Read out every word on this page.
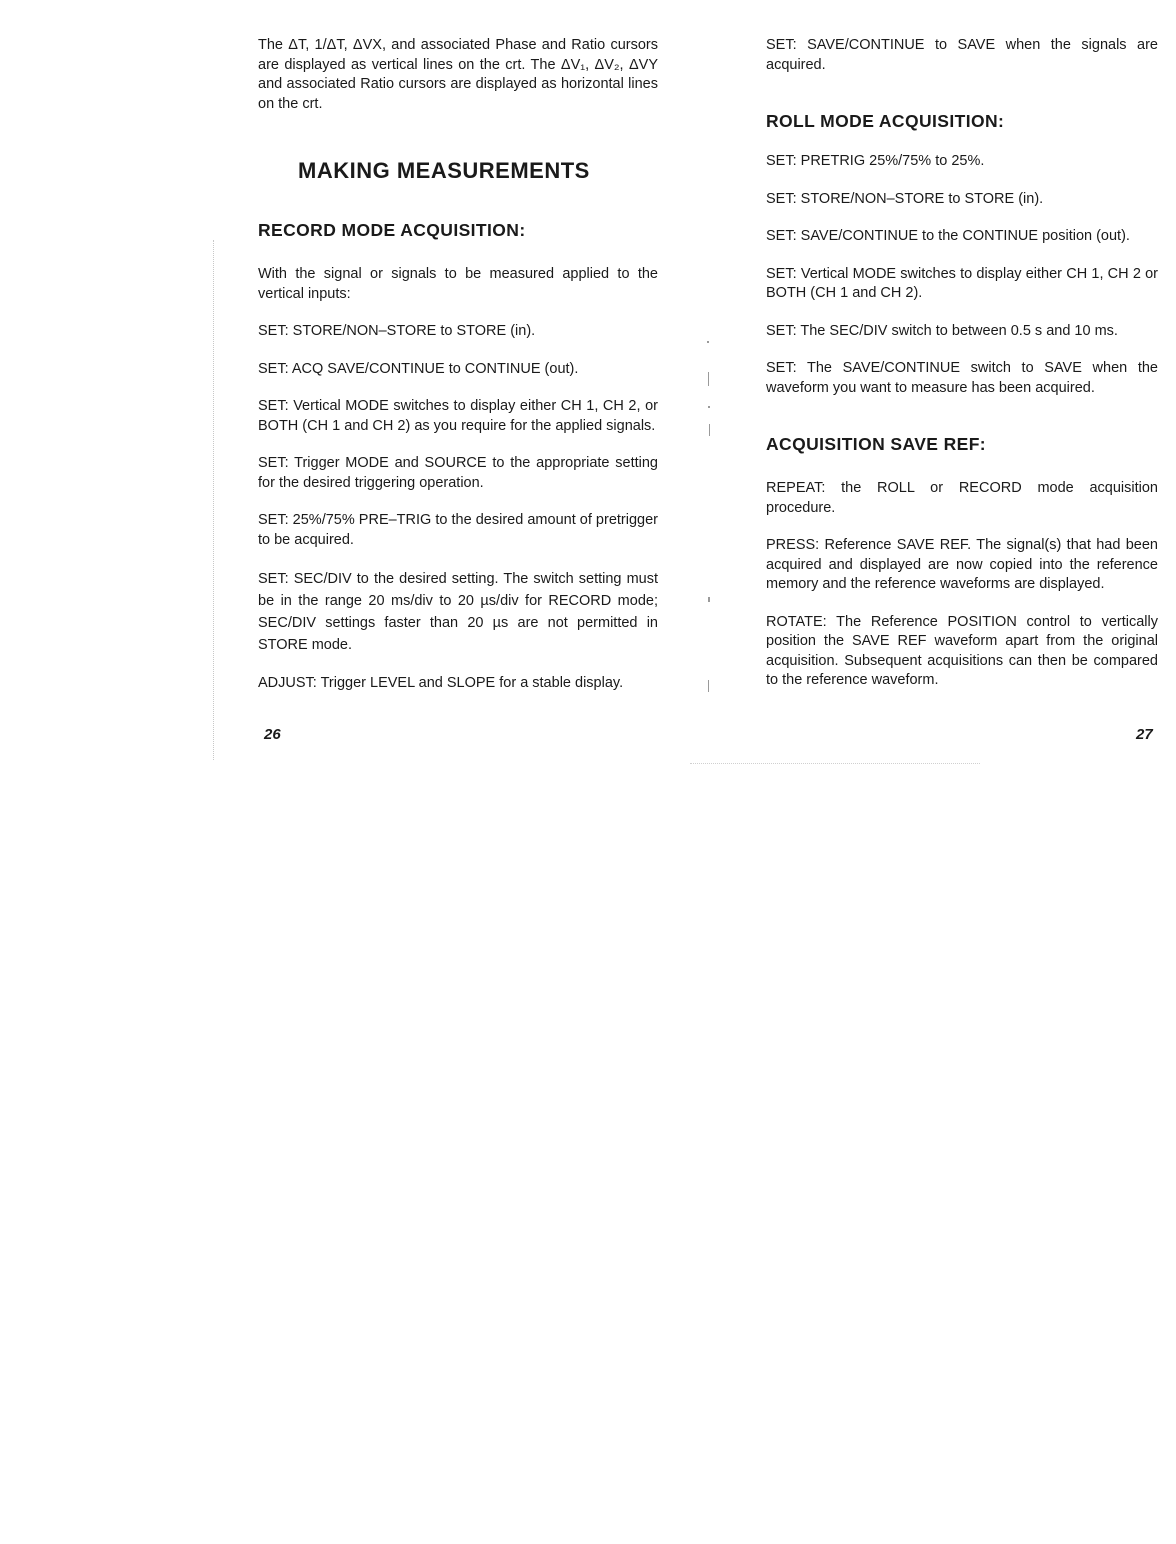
The ΔT, 1/ΔT, ΔVX, and associated Phase and Ratio cursors are displayed as vertical lines on the crt. The ΔV₁, ΔV₂, ΔVY and associated Ratio cursors are displayed as horizontal lines on the crt.

MAKING MEASUREMENTS
RECORD MODE ACQUISITION:

With the signal or signals to be measured applied to the vertical inputs:

SET: STORE/NON–STORE to STORE (in).

SET: ACQ SAVE/CONTINUE to CONTINUE (out).

SET: Vertical MODE switches to display either CH 1, CH 2, or BOTH (CH 1 and CH 2) as you require for the applied signals.

SET: Trigger MODE and SOURCE to the appropriate setting for the desired triggering operation.

SET: 25%/75% PRE–TRIG to the desired amount of pretrigger to be acquired.

SET: SEC/DIV to the desired setting. The switch setting must be in the range 20 ms/div to 20 µs/div for RECORD mode; SEC/DIV settings faster than 20 µs are not permitted in STORE mode.

ADJUST: Trigger LEVEL and SLOPE for a stable display.

26

SET: SAVE/CONTINUE to SAVE when the signals are acquired.

ROLL MODE ACQUISITION:

SET: PRETRIG 25%/75% to 25%.

SET: STORE/NON–STORE to STORE (in).

SET: SAVE/CONTINUE to the CONTINUE position (out).

SET: Vertical MODE switches to display either CH 1, CH 2 or BOTH (CH 1 and CH 2).

SET: The SEC/DIV switch to between 0.5 s and 10 ms.

SET: The SAVE/CONTINUE switch to SAVE when the waveform you want to measure has been acquired.

ACQUISITION SAVE REF:

REPEAT: the ROLL or RECORD mode acquisition procedure.

PRESS: Reference SAVE REF. The signal(s) that had been acquired and displayed are now copied into the reference memory and the reference waveforms are displayed.

ROTATE: The Reference POSITION control to vertically position the SAVE REF waveform apart from the original acquisition. Subsequent acquisitions can then be compared to the reference waveform.

27
